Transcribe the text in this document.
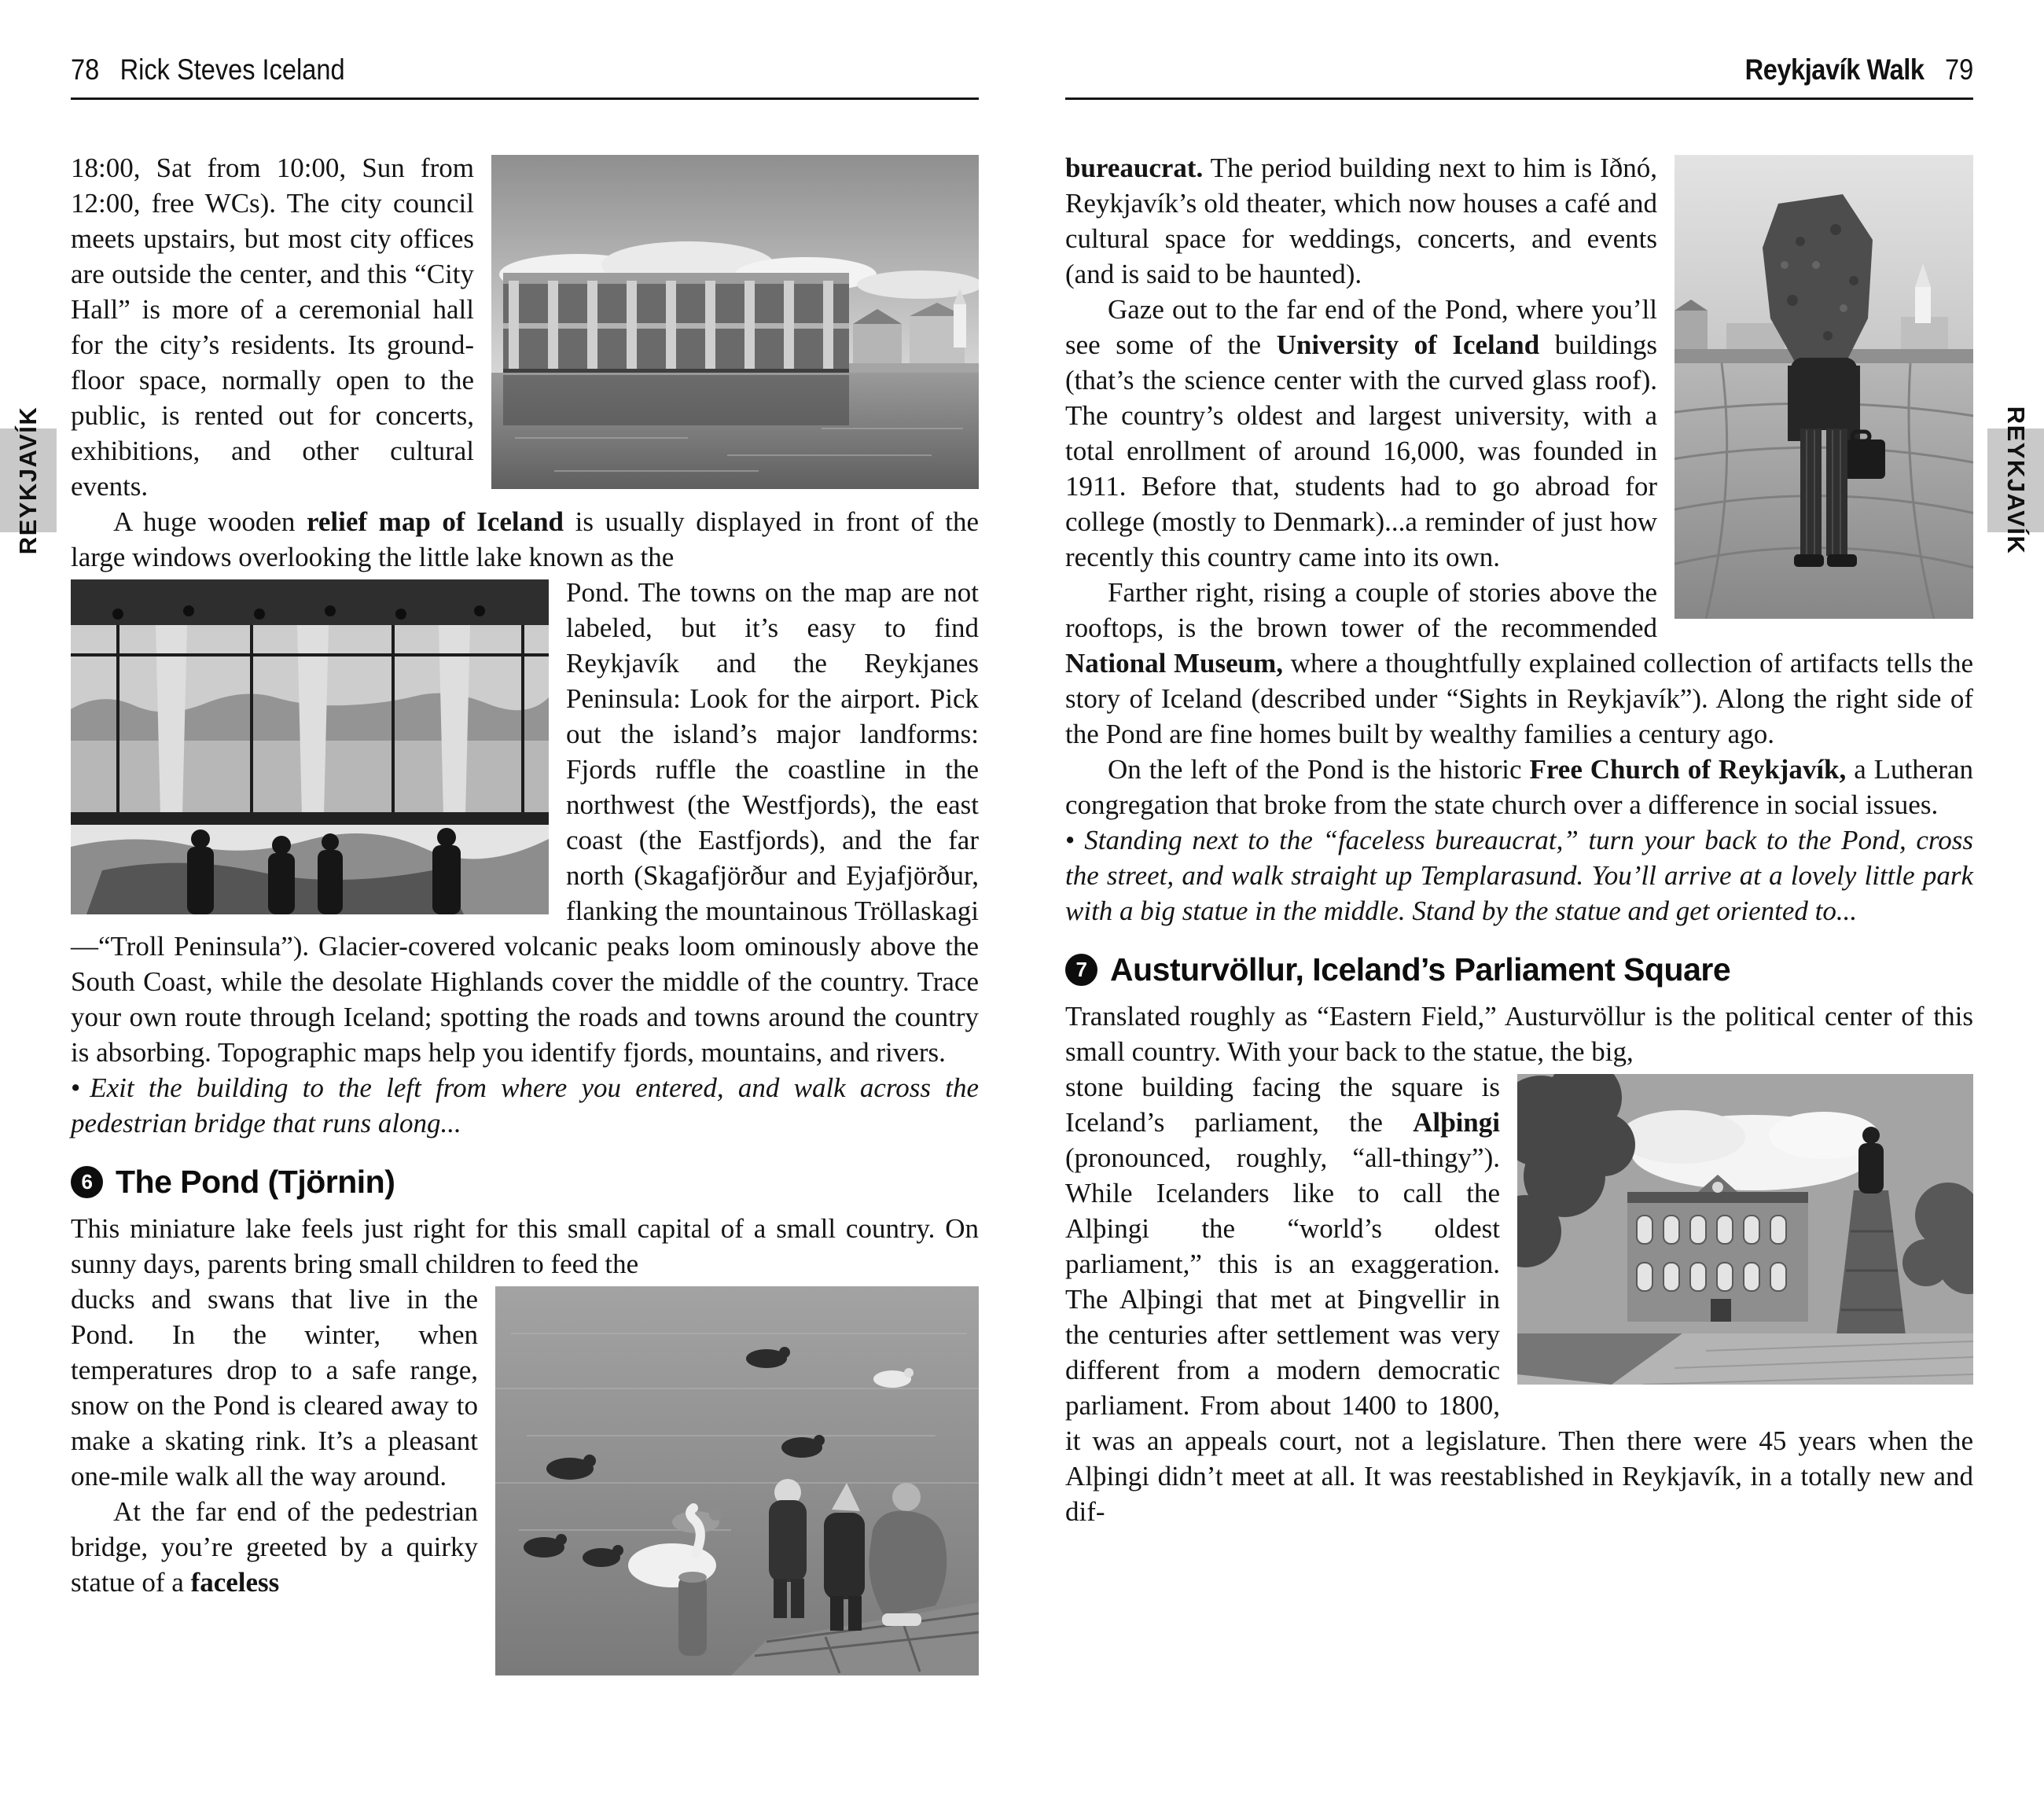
78 Rick Steves Iceland

18:00, Sat from 10:00, Sun from 12:00, free WCs). The city council meets upstairs, but most city offices are outside the center, and this “City Hall” is more of a ceremonial hall for the city’s residents. Its ground-floor space, normally open to the public, is rented out for concerts, exhibitions, and other cultural events.

A huge wooden relief map of Iceland is usually displayed in front of the large windows overlooking the little lake known as the

Pond. The towns on the map are not labeled, but it’s easy to find Reykjavík and the Reykjanes Peninsula: Look for the airport. Pick out the island’s major landforms: Fjords ruffle the coastline in the northwest (the Westfjords), the east coast (the Eastfjords), and the far north (Skagafjörður and Eyjafjörður, flanking the mountainous Tröllaskagi—“Troll Peninsula”). Glacier-covered volcanic peaks loom ominously above the South Coast, while the desolate Highlands cover the middle of the country. Trace your own route through Iceland; spotting the roads and towns around the country is absorbing. Topographic maps help you identify fjords, mountains, and rivers.

• Exit the building to the left from where you entered, and walk across the pedestrian bridge that runs along...

6 The Pond (Tjörnin)

This miniature lake feels just right for this small capital of a small country. On sunny days, parents bring small children to feed the

ducks and swans that live in the Pond. In the winter, when temperatures drop to a safe range, snow on the Pond is cleared away to make a skating rink. It’s a pleasant one-mile walk all the way around.

At the far end of the pedestrian bridge, you’re greeted by a quirky statue of a faceless

Reykjavík Walk 79

bureaucrat. The period building next to him is Iðnó, Reykjavík’s old theater, which now houses a café and cultural space for weddings, concerts, and events (and is said to be haunted).

Gaze out to the far end of the Pond, where you’ll see some of the University of Iceland buildings (that’s the science center with the curved glass roof). The country’s oldest and largest university, with a total enrollment of around 16,000, was founded in 1911. Before that, students had to go abroad for college (mostly to Denmark)...a reminder of just how recently this country came into its own.

Farther right, rising a couple of stories above the rooftops, is the brown tower of the recommended National Museum, where a thoughtfully explained collection of artifacts tells the story of Iceland (described under “Sights in Reykjavík”). Along the right side of the Pond are fine homes built by wealthy families a century ago.

On the left of the Pond is the historic Free Church of Reykjavík, a Lutheran congregation that broke from the state church over a difference in social issues.

• Standing next to the “faceless bureaucrat,” turn your back to the Pond, cross the street, and walk straight up Templarasund. You’ll arrive at a lovely little park with a big statue in the middle. Stand by the statue and get oriented to...

7 Austurvöllur, Iceland’s Parliament Square

Translated roughly as “Eastern Field,” Austurvöllur is the political center of this small country. With your back to the statue, the big,

stone building facing the square is Iceland’s parliament, the Alþingi (pronounced, roughly, “all-thingy”). While Icelanders like to call the Alþingi the “world’s oldest parliament,” this is an exaggeration. The Alþingi that met at Þingvellir in the centuries after settlement was very different from a modern democratic parliament. From about 1400 to 1800, it was an appeals court, not a legislature. Then there were 45 years when the Alþingi didn’t meet at all. It was reestablished in Reykjavík, in a totally new and dif-

REYKJAVÍK	REYKJAVÍK
